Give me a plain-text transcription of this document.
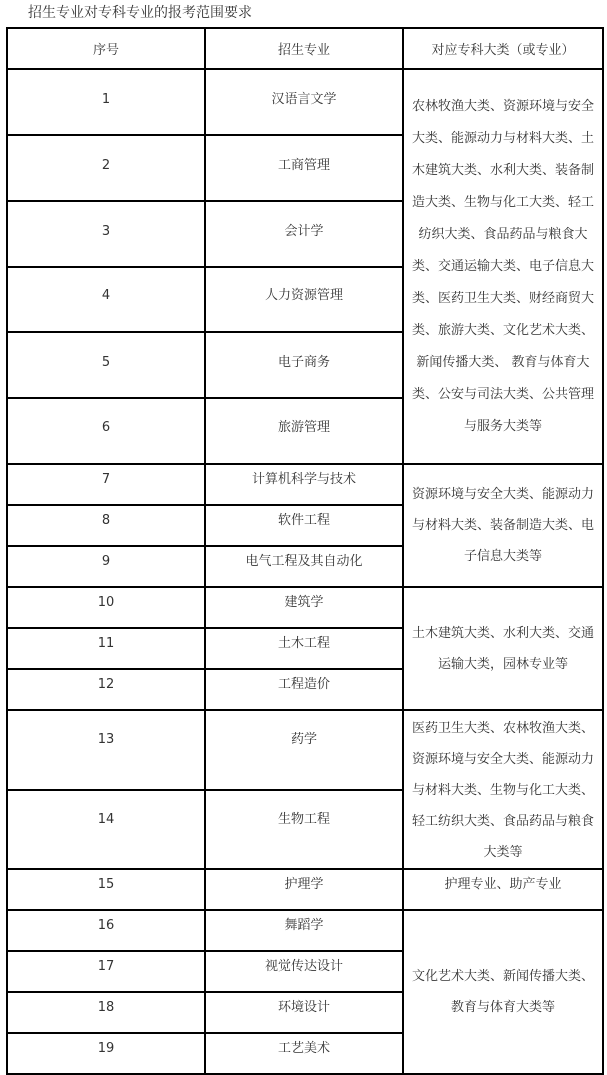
招生专业对专科专业的报考范围要求
序号	招生专业	对应专科大类（或专业）

1	汉语言文学	农林牧渔大类、资源环境与安全大类、能源动力与材料大类、土木建筑大类、水利大类、装备制造大类、生物与化工大类、轻工纺织大类、食品药品与粮食大类、交通运输大类、电子信息大类、医药卫生大类、财经商贸大类、旅游大类、文化艺术大类、新闻传播大类、 教育与体育大类、公安与司法大类、公共管理与服务大类等

2	工商管理	

3	会计学	

4	人力资源管理	

5	电子商务	

6	旅游管理	

7	计算机科学与技术	资源环境与安全大类、能源动力与材料大类、装备制造大类、电子信息大类等

8	软件工程	

9	电气工程及其自动化	

10	建筑学	土木建筑大类、水利大类、交通运输大类，园林专业等

11	土木工程	

12	工程造价	

13	药学	医药卫生大类、农林牧渔大类、资源环境与安全大类、能源动力与材料大类、生物与化工大类、轻工纺织大类、食品药品与粮食大类等

14	生物工程	

15	护理学	护理专业、助产专业

16	舞蹈学	文化艺术大类、新闻传播大类、教育与体育大类等

17	视觉传达设计	

18	环境设计	

19	工艺美术	
